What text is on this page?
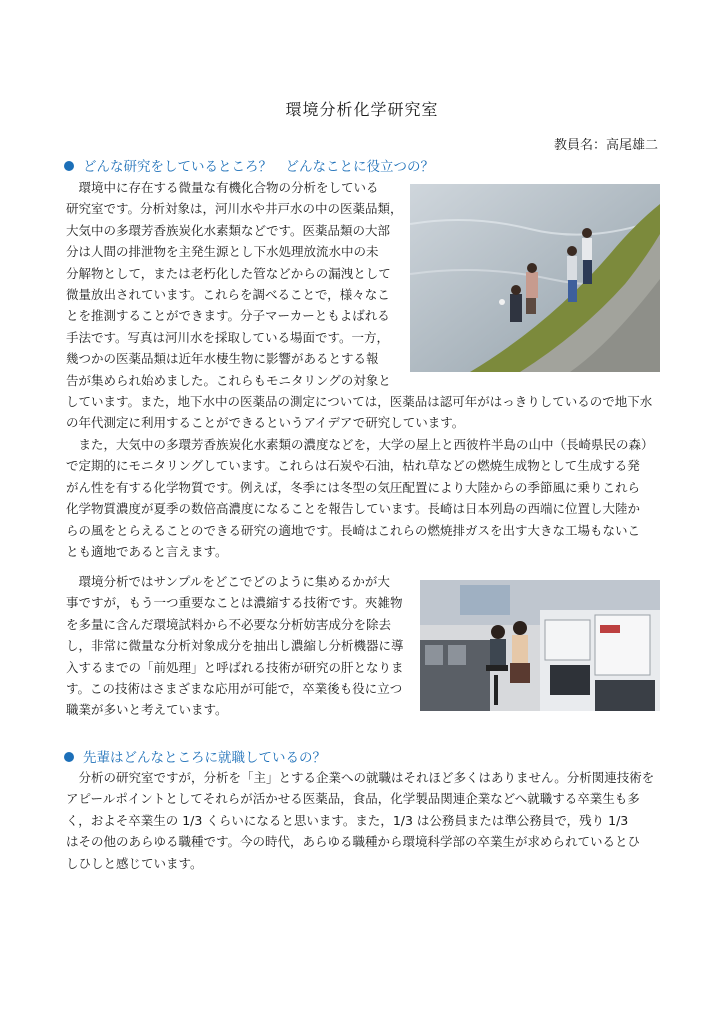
環境分析化学研究室
教員名：高尾雄二
どんな研究をしているところ？　どんなことに役立つの？
　環境中に存在する微量な有機化合物の分析をしている
研究室です。分析対象は，河川水や井戸水の中の医薬品類，
大気中の多環芳香族炭化水素類などです。医薬品類の大部
分は人間の排泄物を主発生源とし下水処理放流水中の未
分解物として，または老朽化した管などからの漏洩として
微量放出されています。これらを調べることで，様々なこ
とを推測することができます。分子マーカーともよばれる
手法です。写真は河川水を採取している場面です。一方，
幾つかの医薬品類は近年水棲生物に影響があるとする報
告が集められ始めました。これらもモニタリングの対象と
しています。また，地下水中の医薬品の測定については，医薬品は認可年がはっきりしているので地下水
の年代測定に利用することができるというアイデアで研究しています。
　また，大気中の多環芳香族炭化水素類の濃度などを，大学の屋上と西彼杵半島の山中（長崎県民の森）
で定期的にモニタリングしています。これらは石炭や石油，枯れ草などの燃焼生成物として生成する発
がん性を有する化学物質です。例えば，冬季には冬型の気圧配置により大陸からの季節風に乗りこれら
化学物質濃度が夏季の数倍高濃度になることを報告しています。長崎は日本列島の西端に位置し大陸か
らの風をとらえることのできる研究の適地です。長崎はこれらの燃焼排ガスを出す大きな工場もないこ
とも適地であると言えます。
　環境分析ではサンプルをどこでどのように集めるかが大
事ですが，もう一つ重要なことは濃縮する技術です。夾雑物
を多量に含んだ環境試料から不必要な分析妨害成分を除去
し，非常に微量な分析対象成分を抽出し濃縮し分析機器に導
入するまでの「前処理」と呼ばれる技術が研究の肝となりま
す。この技術はさまざまな応用が可能で，卒業後も役に立つ
職業が多いと考えています。
先輩はどんなところに就職しているの？
　分析の研究室ですが，分析を「主」とする企業への就職はそれほど多くはありません。分析関連技術を
アピールポイントとしてそれらが活かせる医薬品，食品，化学製品関連企業などへ就職する卒業生も多
く，およそ卒業生の 1/3 くらいになると思います。また，1/3 は公務員または準公務員で，残り 1/3
はその他のあらゆる職種です。今の時代，あらゆる職種から環境科学部の卒業生が求められているとひ
しひしと感じています。
